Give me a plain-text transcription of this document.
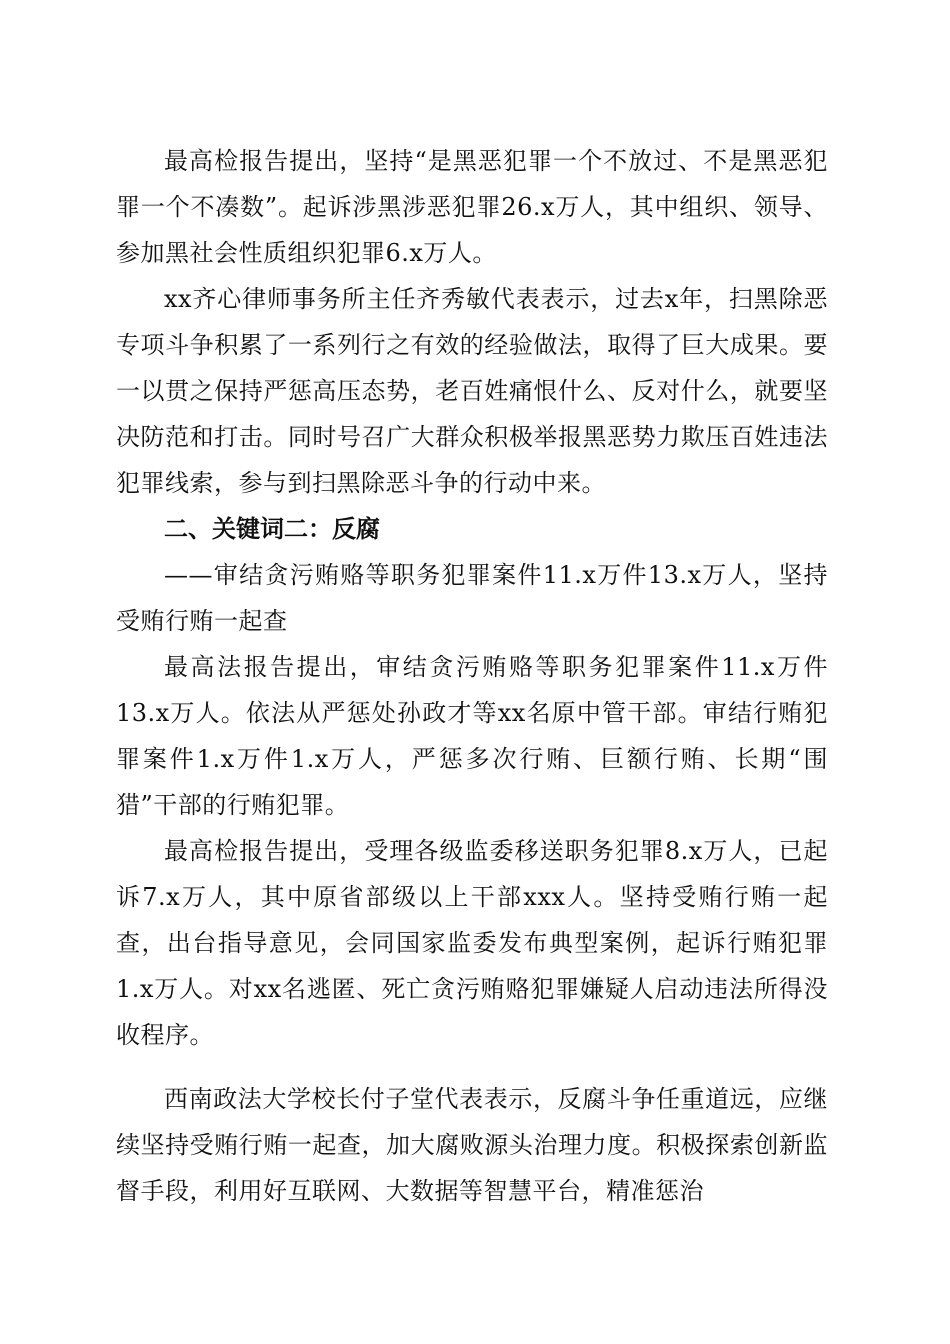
最高检报告提出，坚持“是黑恶犯罪一个不放过、不是黑恶犯罪一个不凑数”。起诉涉黑涉恶犯罪26.x万人，其中组织、领导、参加黑社会性质组织犯罪6.x万人。

xx齐心律师事务所主任齐秀敏代表表示，过去x年，扫黑除恶专项斗争积累了一系列行之有效的经验做法，取得了巨大成果。要一以贯之保持严惩高压态势，老百姓痛恨什么、反对什么，就要坚决防范和打击。同时号召广大群众积极举报黑恶势力欺压百姓违法犯罪线索，参与到扫黑除恶斗争的行动中来。

二、关键词二：反腐

——审结贪污贿赂等职务犯罪案件11.x万件13.x万人，坚持受贿行贿一起查

最高法报告提出，审结贪污贿赂等职务犯罪案件11.x万件13.x万人。依法从严惩处孙政才等xx名原中管干部。审结行贿犯罪案件1.x万件1.x万人，严惩多次行贿、巨额行贿、长期“围猎”干部的行贿犯罪。

最高检报告提出，受理各级监委移送职务犯罪8.x万人，已起诉7.x万人，其中原省部级以上干部xxx人。坚持受贿行贿一起查，出台指导意见，会同国家监委发布典型案例，起诉行贿犯罪1.x万人。对xx名逃匿、死亡贪污贿赂犯罪嫌疑人启动违法所得没收程序。

西南政法大学校长付子堂代表表示，反腐斗争任重道远，应继续坚持受贿行贿一起查，加大腐败源头治理力度。积极探索创新监督手段，利用好互联网、大数据等智慧平台，精准惩治
